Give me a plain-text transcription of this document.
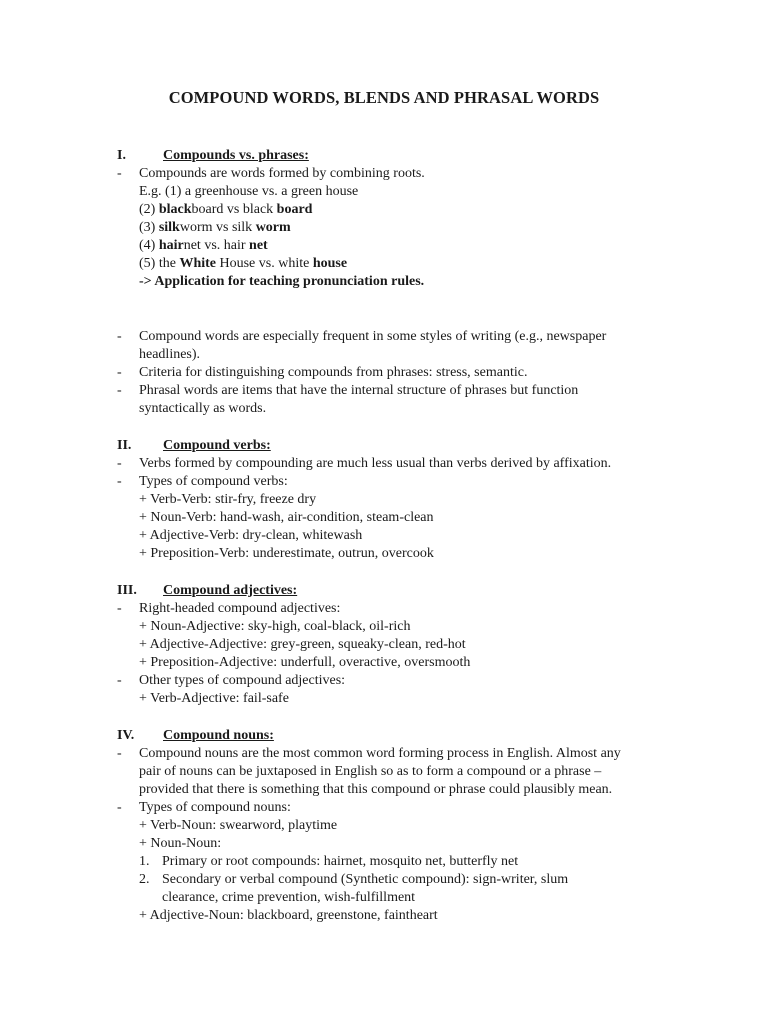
COMPOUND WORDS, BLENDS AND PHRASAL WORDS
I.	Compounds vs. phrases:
- Compounds are words formed by combining roots.
E.g. (1) a greenhouse vs. a green house
(2) blackboard vs black board
(3) silkworm vs silk worm
(4) hairnet vs. hair net
(5) the White House vs. white house
-> Application for teaching pronunciation rules.
- Compound words are especially frequent in some styles of writing (e.g., newspaper
headlines).
- Criteria for distinguishing compounds from phrases: stress, semantic.
- Phrasal words are items that have the internal structure of phrases but function
syntactically as words.
II. Compound verbs:
- Verbs formed by compounding are much less usual than verbs derived by affixation.
- Types of compound verbs:
+ Verb-Verb: stir-fry, freeze dry
+ Noun-Verb: hand-wash, air-condition, steam-clean
+ Adjective-Verb: dry-clean, whitewash
+ Preposition-Verb: underestimate, outrun, overcook
III. Compound adjectives:
- Right-headed compound adjectives:
+ Noun-Adjective: sky-high, coal-black, oil-rich
+ Adjective-Adjective: grey-green, squeaky-clean, red-hot
+ Preposition-Adjective: underfull, overactive, oversmooth
- Other types of compound adjectives:
+ Verb-Adjective: fail-safe
IV. Compound nouns:
- Compound nouns are the most common word forming process in English. Almost any
pair of nouns can be juxtaposed in English so as to form a compound or a phrase –
provided that there is something that this compound or phrase could plausibly mean.
- Types of compound nouns:
+ Verb-Noun: swearword, playtime
+ Noun-Noun:
1. Primary or root compounds: hairnet, mosquito net, butterfly net
2. Secondary or verbal compound (Synthetic compound): sign-writer, slum
clearance, crime prevention, wish-fulfillment
+ Adjective-Noun: blackboard, greenstone, faintheart
